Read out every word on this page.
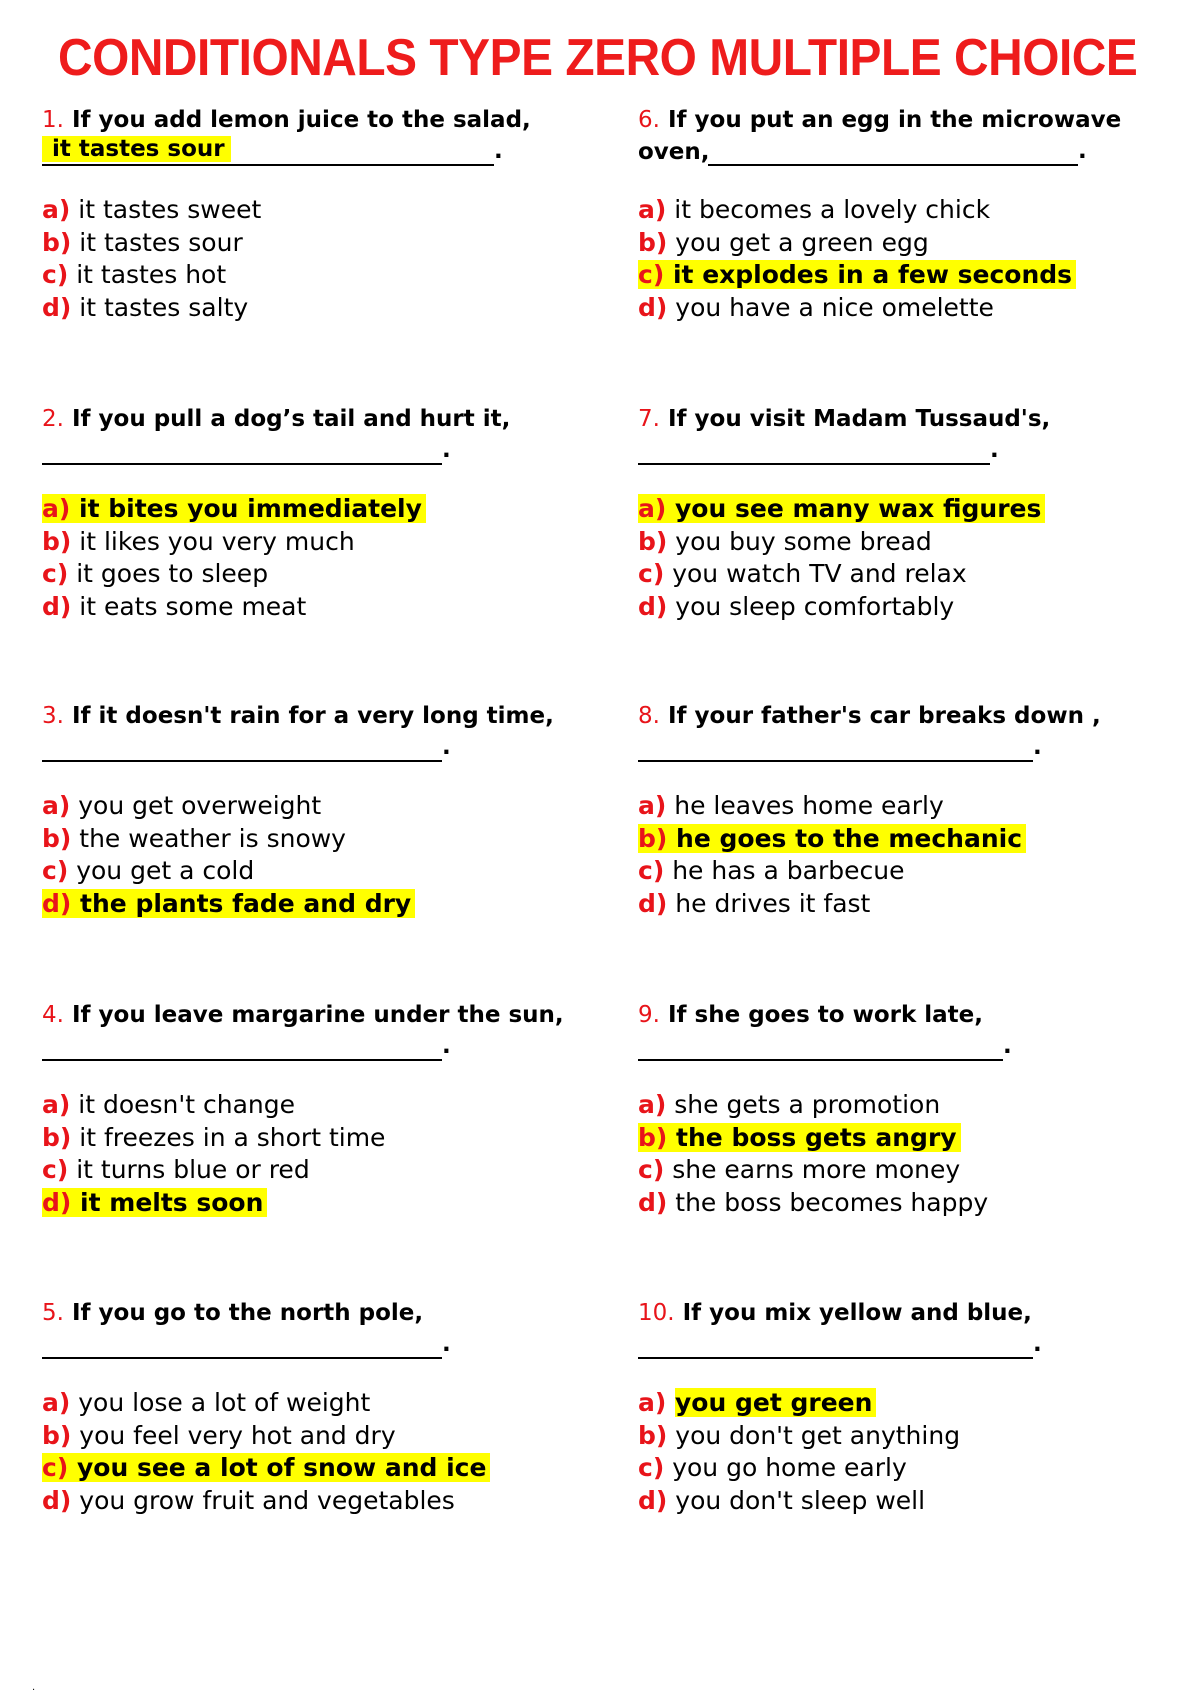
CONDITIONALS TYPE ZERO MULTIPLE CHOICE
1. If you add lemon juice to the salad,
it tastes sour	.
a) it tastes sweet
b) it tastes sour
c) it tastes hot
d) it tastes salty
2. If you pull a dog’s tail and hurt it,
.
a) it bites you immediately
b) it likes you very much
c) it goes to sleep
d) it eats some meat
3. If it doesn't rain for a very long time,
.
a) you get overweight
b) the weather is snowy
c) you get a cold
d) the plants fade and dry
4. If you leave margarine under the sun,
.
a) it doesn't change
b) it freezes in a short time
c) it turns blue or red
d) it melts soon
5. If you go to the north pole,
.
a) you lose a lot of weight
b) you feel very hot and dry
c) you see a lot of snow and ice
d) you grow fruit and vegetables
6. If you put an egg in the microwave
oven,	.
a) it becomes a lovely chick
b) you get a green egg
c) it explodes in a few seconds
d) you have a nice omelette
7. If you visit Madam Tussaud's,
.
a) you see many wax figures
b) you buy some bread
c) you watch TV and relax
d) you sleep comfortably
8. If your father's car breaks down ,
.
a) he leaves home early
b) he goes to the mechanic
c) he has a barbecue
d) he drives it fast
9. If she goes to work late,
.
a) she gets a promotion
b) the boss gets angry
c) she earns more money
d) the boss becomes happy
10. If you mix yellow and blue,
.
a) you get green
b) you don't get anything
c) you go home early
d) you don't sleep well
.
